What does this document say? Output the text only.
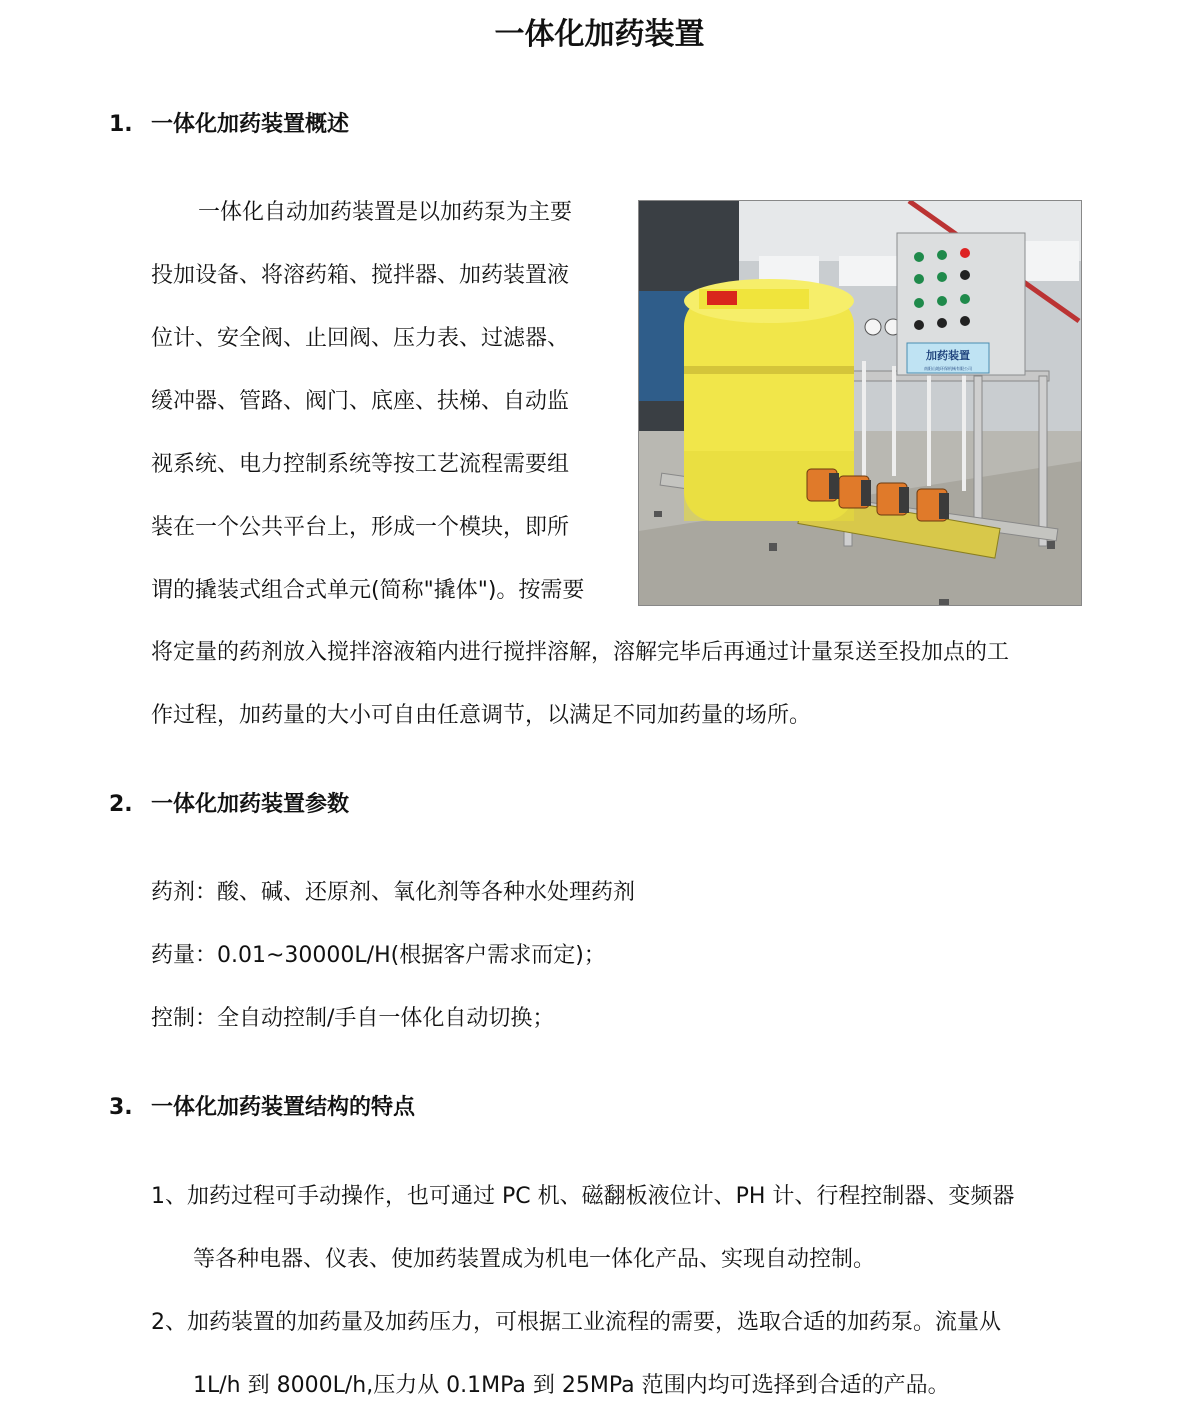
一体化加药装置
1. 一体化加药装置概述
一体化自动加药装置是以加药泵为主要
投加设备、将溶药箱、搅拌器、加药装置液
位计、安全阀、止回阀、压力表、过滤器、
缓冲器、管路、阀门、底座、扶梯、自动监
视系统、电力控制系统等按工艺流程需要组
装在一个公共平台上，形成一个模块，即所
谓的撬装式组合式单元(简称"撬体")。按需要
将定量的药剂放入搅拌溶液箱内进行搅拌溶解，溶解完毕后再通过计量泵送至投加点的工
作过程，加药量的大小可自由任意调节，以满足不同加药量的场所。
加药装置
南阳山地环保机械有限公司
2. 一体化加药装置参数
药剂：酸、碱、还原剂、氧化剂等各种水处理药剂
药量：0.01~30000L/H(根据客户需求而定)；
控制：全自动控制/手自一体化自动切换；
3. 一体化加药装置结构的特点
1、加药过程可手动操作，也可通过 PC 机、磁翻板液位计、PH 计、行程控制器、变频器
等各种电器、仪表、使加药装置成为机电一体化产品、实现自动控制。
2、加药装置的加药量及加药压力，可根据工业流程的需要，选取合适的加药泵。流量从
1L/h 到 8000L/h,压力从 0.1MPa 到 25MPa 范围内均可选择到合适的产品。
